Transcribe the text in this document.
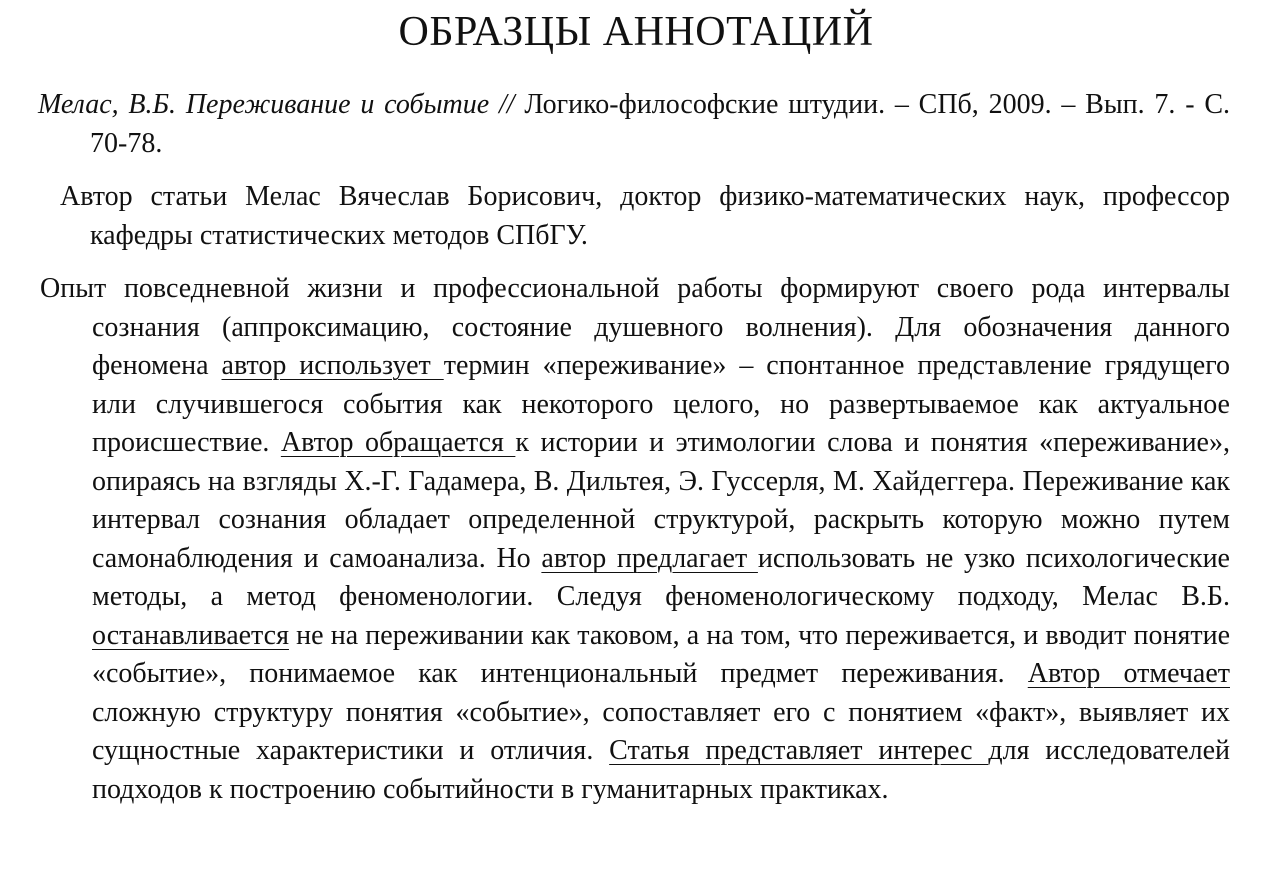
ОБРАЗЦЫ АННОТАЦИЙ

Мелас, В.Б. Переживание и событие // Логико-философские штудии. – СПб, 2009. – Вып. 7. - С. 70-78.

Автор статьи Мелас Вячеслав Борисович, доктор физико-математических наук, профессор кафедры статистических методов СПбГУ.

Опыт повседневной жизни и профессиональной работы формируют своего рода интервалы сознания (аппроксимацию, состояние душевного волнения). Для обозначения данного феномена автор использует термин «переживание» – спонтанное представление грядущего или случившегося события как некоторого целого, но развертываемое как актуальное происшествие. Автор обращается к истории и этимологии слова и понятия «переживание», опираясь на взгляды Х.-Г. Гадамера, В. Дильтея, Э. Гуссерля, М. Хайдеггера. Переживание как интервал сознания обладает определенной структурой, раскрыть которую можно путем самонаблюдения и самоанализа. Но автор предлагает использовать не узко психологические методы, а метод феноменологии. Следуя феноменологическому подходу, Мелас В.Б. останавливается не на переживании как таковом, а на том, что переживается, и вводит понятие «событие», понимаемое как интенциональный предмет переживания. Автор отмечает сложную структуру понятия «событие», сопоставляет его с понятием «факт», выявляет их сущностные характеристики и отличия. Статья представляет интерес для исследователей подходов к построению событийности в гуманитарных практиках.
